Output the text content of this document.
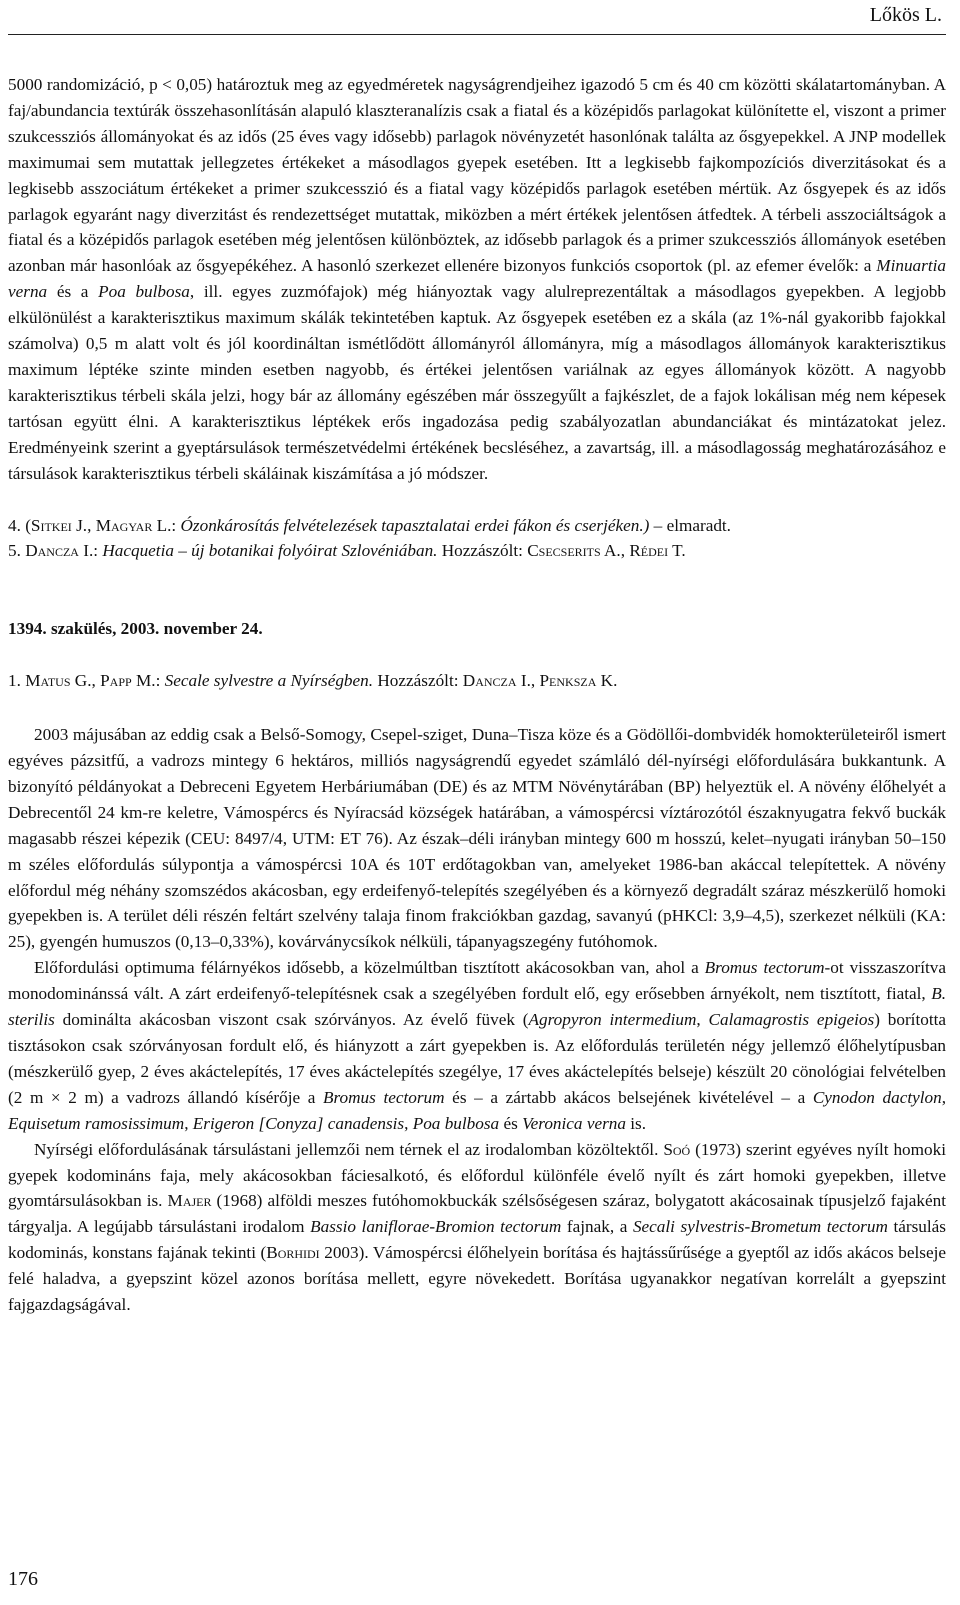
Lőkös L.

5000 randomizáció, p < 0,05) határoztuk meg az egyedméretek nagyságrendjeihez igazodó 5 cm és 40 cm közötti skálatartományban. A faj/abundancia textúrák összehasonlításán alapuló klaszteranalízis csak a fiatal és a középidős parlagokat különítette el, viszont a primer szukcessziós állományokat és az idős (25 éves vagy idősebb) parlagok növényzetét hasonlónak találta az ősgyepekkel. A JNP modellek maximumai sem mutattak jellegzetes értékeket a másodlagos gyepek esetében. Itt a legkisebb fajkompozíciós diverzitásokat és a legkisebb asszociátum értékeket a primer szukcesszió és a fiatal vagy középidős parlagok esetében mértük. Az ősgyepek és az idős parlagok egyaránt nagy diverzitást és rendezettséget mutattak, miközben a mért értékek jelentősen átfedtek. A térbeli asszociáltságok a fiatal és a középidős parlagok esetében még jelentősen különböztek, az idősebb parlagok és a primer szukcessziós állományok esetében azonban már hasonlóak az ősgyepékéhez. A hasonló szerkezet ellenére bizonyos funkciós csoportok (pl. az efemer évelők: a Minuartia verna és a Poa bulbosa, ill. egyes zuzmófajok) még hiányoztak vagy alulreprezentáltak a másodlagos gyepekben. A legjobb elkülönülést a karakterisztikus maximum skálák tekintetében kaptuk. Az ősgyepek esetében ez a skála (az 1%-nál gyakoribb fajokkal számolva) 0,5 m alatt volt és jól koordináltan ismétlődött állományról állományra, míg a másodlagos állományok karakterisztikus maximum léptéke szinte minden esetben nagyobb, és értékei jelentősen variálnak az egyes állományok között. A nagyobb karakterisztikus térbeli skála jelzi, hogy bár az állomány egészében már összegyűlt a fajkészlet, de a fajok lokálisan még nem képesek tartósan együtt élni. A karakterisztikus léptékek erős ingadozása pedig szabályozatlan abundanciákat és mintázatokat jelez. Eredményeink szerint a gyeptársulások természetvédelmi értékének becsléséhez, a zavartság, ill. a másodlagosság meghatározásához e társulások karakterisztikus térbeli skáláinak kiszámítása a jó módszer.

4. (Sitkei J., Magyar L.: Ózonkárosítás felvételezések tapasztalatai erdei fákon és cserjéken.) – elmaradt.

5. Dancza I.: Hacquetia – új botanikai folyóirat Szlovéniában. Hozzászólt: Csecserits A., Rédei T.

1394. szakülés, 2003. november 24.

1. Matus G., Papp M.: Secale sylvestre a Nyírségben. Hozzászólt: Dancza I., Penksza K.

2003 májusában az eddig csak a Belső-Somogy, Csepel-sziget, Duna–Tisza köze és a Gödöllői-dombvidék homokterületeiről ismert egyéves pázsitfű, a vadrozs mintegy 6 hektáros, milliós nagyságrendű egyedet számláló dél-nyírségi előfordulására bukkantunk. A bizonyító példányokat a Debreceni Egyetem Herbáriumában (DE) és az MTM Növénytárában (BP) helyeztük el. A növény élőhelyét a Debrecentől 24 km-re keletre, Vámospércs és Nyíracsád községek határában, a vámospércsi víztározótól északnyugatra fekvő buckák magasabb részei képezik (CEU: 8497/4, UTM: ET 76). Az észak–déli irányban mintegy 600 m hosszú, kelet–nyugati irányban 50–150 m széles előfordulás súlypontja a vámospércsi 10A és 10T erdőtagokban van, amelyeket 1986-ban akáccal telepítettek. A növény előfordul még néhány szomszédos akácosban, egy erdeifenyő-telepítés szegélyében és a környező degradált száraz mészkerülő homoki gyepekben is. A terület déli részén feltárt szelvény talaja finom frakciókban gazdag, savanyú (pHKCl: 3,9–4,5), szerkezet nélküli (KA: 25), gyengén humuszos (0,13–0,33%), kovárványcsíkok nélküli, tápanyagszegény futóhomok.

Előfordulási optimuma félárnyékos idősebb, a közelmúltban tisztított akácosokban van, ahol a Bromus tectorum-ot visszaszorítva monodominánssá vált. A zárt erdeifenyő-telepítésnek csak a szegélyében fordult elő, egy erősebben árnyékolt, nem tisztított, fiatal, B. sterilis dominálta akácosban viszont csak szórványos. Az évelő füvek (Agropyron intermedium, Calamagrostis epigeios) borította tisztásokon csak szórványosan fordult elő, és hiányzott a zárt gyepekben is. Az előfordulás területén négy jellemző élőhelytípusban (mészkerülő gyep, 2 éves akáctelepítés, 17 éves akáctelepítés szegélye, 17 éves akáctelepítés belseje) készült 20 cönológiai felvételben (2 m × 2 m) a vadrozs állandó kísérője a Bromus tectorum és – a zártabb akácos belsejének kivételével – a Cynodon dactylon, Equisetum ramosissimum, Erigeron [Conyza] canadensis, Poa bulbosa és Veronica verna is.

Nyírségi előfordulásának társulástani jellemzői nem térnek el az irodalomban közöltektől. Soó (1973) szerint egyéves nyílt homoki gyepek kodomináns faja, mely akácosokban fáciesalkotó, és előfordul különféle évelő nyílt és zárt homoki gyepekben, illetve gyomtársulásokban is. Majer (1968) alföldi meszes futóhomokbuckák szélsőségesen száraz, bolygatott akácosainak típusjelző fajaként tárgyalja. A legújabb társulástani irodalom Bassio laniflorae-Bromion tectorum fajnak, a Secali sylvestris-Brometum tectorum társulás kodominás, konstans fajának tekinti (Borhidi 2003). Vámospércsi élőhelyein borítása és hajtássűrűsége a gyeptől az idős akácos belseje felé haladva, a gyepszint közel azonos borítása mellett, egyre növekedett. Borítása ugyanakkor negatívan korrelált a gyepszint fajgazdagságával.

176
